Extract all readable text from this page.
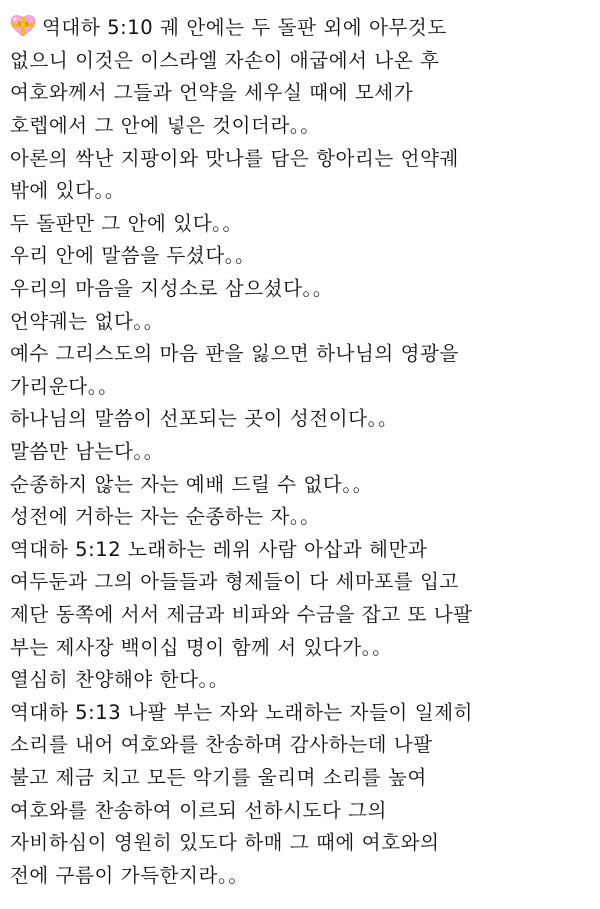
역대하 5:10 궤 안에는 두 돌판 외에 아무것도
없으니 이것은 이스라엘 자손이 애굽에서 나온 후
여호와께서 그들과 언약을 세우실 때에 모세가
호렙에서 그 안에 넣은 것이더라。。
아론의 싹난 지팡이와 맛나를 담은 항아리는 언약궤
밖에 있다。。
두 돌판만 그 안에 있다。。
우리 안에 말씀을 두셨다。。
우리의 마음을 지성소로 삼으셨다。。
언약궤는 없다。。
예수 그리스도의 마음 판을 잃으면 하나님의 영광을
가리운다。。
하나님의 말씀이 선포되는 곳이 성전이다。。
말씀만 남는다。。
순종하지 않는 자는 예배 드릴 수 없다。。
성전에 거하는 자는 순종하는 자。。
역대하 5:12 노래하는 레위 사람 아삽과 헤만과
여두둔과 그의 아들들과 형제들이 다 세마포를 입고
제단 동쪽에 서서 제금과 비파와 수금을 잡고 또 나팔
부는 제사장 백이십 명이 함께 서 있다가。。
열심히 찬양해야 한다。。
역대하 5:13 나팔 부는 자와 노래하는 자들이 일제히
소리를 내어 여호와를 찬송하며 감사하는데 나팔
불고 제금 치고 모든 악기를 울리며 소리를 높여
여호와를 찬송하여 이르되 선하시도다 그의
자비하심이 영원히 있도다 하매 그 때에 여호와의
전에 구름이 가득한지라。。
